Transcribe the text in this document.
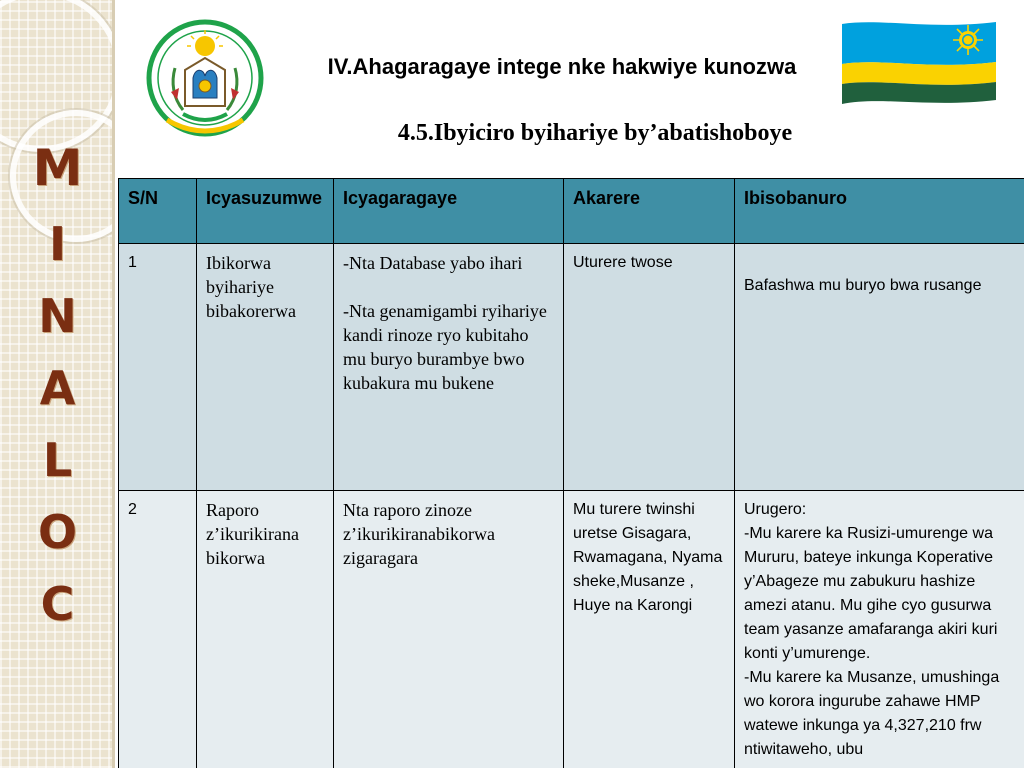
M
I
N
A
L
O
C
IV.Ahagaragaye intege nke hakwiye kunozwa
4.5.Ibyiciro byihariye by’abatishoboye
S/N	Icyasuzumwe	Icyagaragaye	Akarere	Ibisobanuro
1	Ibikorwa byihariye bibakorerwa	-Nta Database yabo ihari
-Nta genamigambi ryihariye kandi rinoze ryo kubitaho mu buryo burambye bwo kubakura mu bukene	Uturere twose	Bafashwa mu buryo bwa rusange

2	Raporo z’ikurikirana bikorwa	Nta raporo zinoze z’ikurikiranabikorwa zigaragara	Mu turere twinshi uretse Gisagara, Rwamagana, Nyama sheke,Musanze , Huye na Karongi	Urugero:
-Mu karere ka Rusizi-umurenge wa Mururu, bateye inkunga Koperative y’Abageze mu zabukuru hashize amezi atanu. Mu gihe cyo gusurwa team yasanze amafaranga akiri kuri konti y’umurenge.
-Mu karere ka Musanze, umushinga wo korora ingurube zahawe HMP watewe inkunga ya 4,327,210 frw ntiwitaweho, ubu
